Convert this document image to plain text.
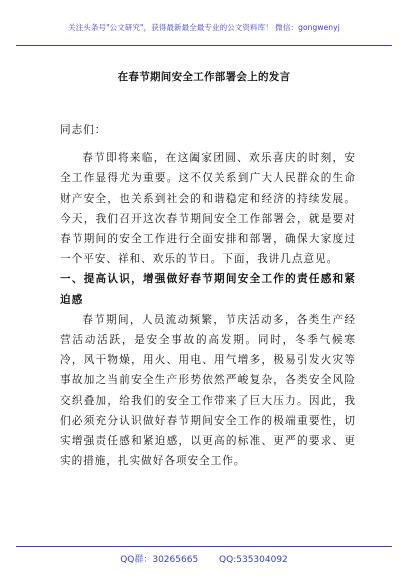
关注头条号"公文研究"，获得最新最全最专业的公文资料库！ 微信：gongwenyj
在春节期间安全工作部署会上的发言

同志们：

春节即将来临，在这阖家团圆、欢乐喜庆的时刻，安全工作显得尤为重要。这不仅关系到广大人民群众的生命财产安全，也关系到社会的和谐稳定和经济的持续发展。今天，我们召开这次春节期间安全工作部署会，就是要对春节期间的安全工作进行全面安排和部署，确保大家度过一个平安、祥和、欢乐的节日。下面，我讲几点意见。

一、提高认识，增强做好春节期间安全工作的责任感和紧迫感

春节期间，人员流动频繁，节庆活动多，各类生产经营活动活跃，是安全事故的高发期。同时，冬季气候寒冷，风干物燥，用火、用电、用气增多，极易引发火灾等事故加之当前安全生产形势依然严峻复杂，各类安全风险交织叠加，给我们的安全工作带来了巨大压力。因此，我们必须充分认识做好春节期间安全工作的极端重要性，切实增强责任感和紧迫感，以更高的标准、更严的要求、更实的措施，扎实做好各项安全工作。

QQ群：30265665 QQ:535304092
